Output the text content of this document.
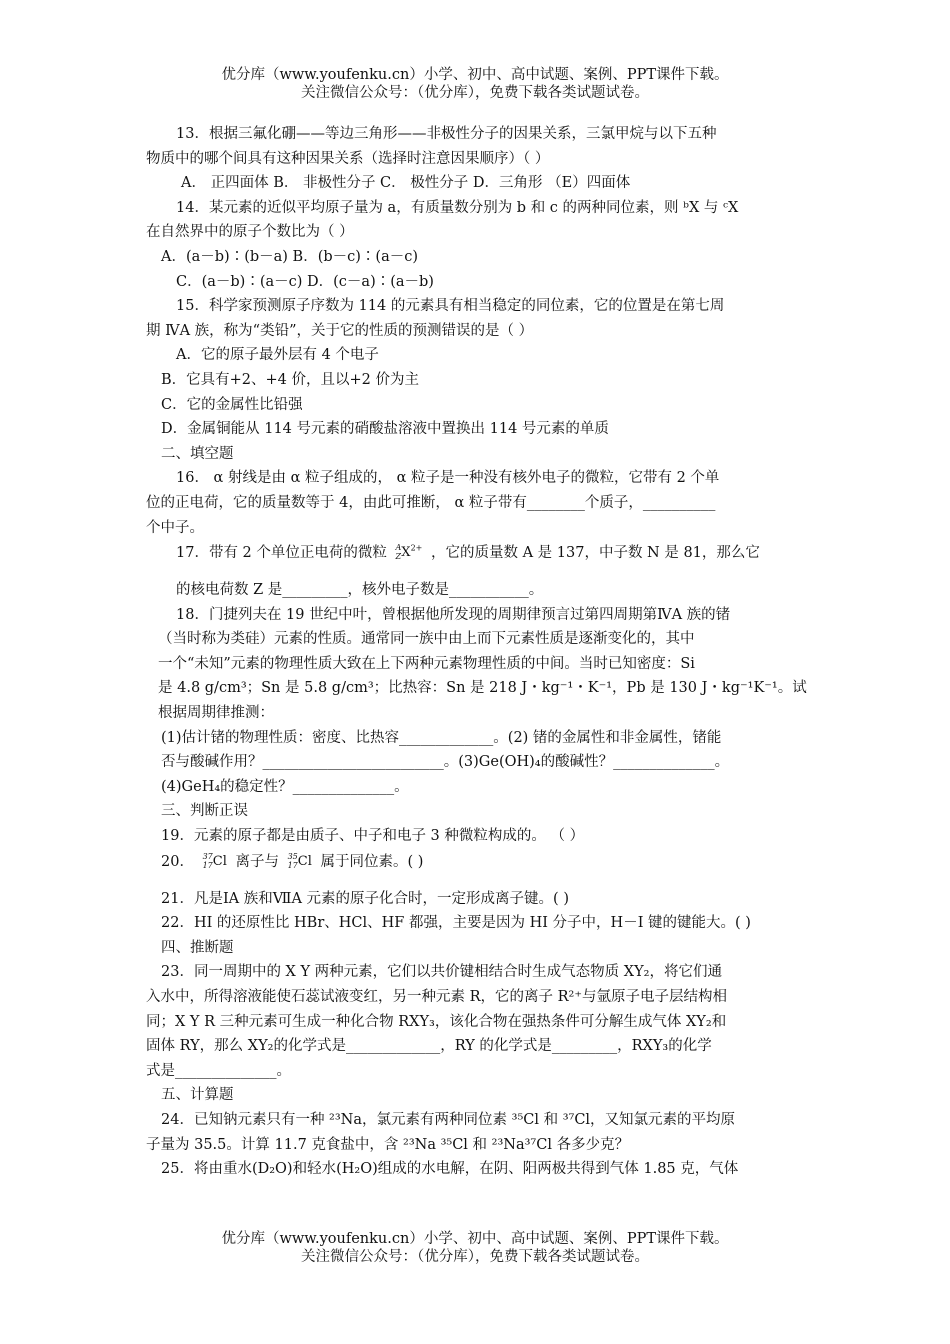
优分库（www.youfenku.cn）小学、初中、高中试题、案例、PPT课件下载。
关注微信公众号：（优分库），免费下载各类试题试卷。
13．根据三氟化硼——等边三角形——非极性分子的因果关系，三氯甲烷与以下五种
物质中的哪个间具有这种因果关系（选择时注意因果顺序）（ ）
A． 正四面体 B． 非极性分子 C． 极性分子 D．三角形 （E）四面体
14．某元素的近似平均原子量为 a，有质量数分别为 b 和 c 的两种同位素，则 ᵇX 与 ᶜX
在自然界中的原子个数比为（ ）
A．(a－b)∶(b－a) B．(b－c)∶(a－c)
C．(a－b)∶(a－c) D．(c－a)∶(a－b)
15．科学家预测原子序数为 114 的元素具有相当稳定的同位素，它的位置是在第七周
期 ⅣA 族，称为“类铅”，关于它的性质的预测错误的是（ ）
A．它的原子最外层有 4 个电子
B．它具有+2、+4 价，且以+2 价为主
C．它的金属性比铅强
D．金属铜能从 114 号元素的硝酸盐溶液中置换出 114 号元素的单质
二、填空题
16． α 射线是由 α 粒子组成的， α 粒子是一种没有核外电子的微粒，它带有 2 个单
位的正电荷，它的质量数等于 4，由此可推断， α 粒子带有________个质子，__________
个中子。
17．带有 2 个单位正电荷的微粒 A
Z $X^{2+}$ ，它的质量数 A 是 137，中子数 N 是 81，那么它
的核电荷数 Z 是_________，核外电子数是___________。
18．门捷列夫在 19 世纪中叶，曾根据他所发现的周期律预言过第四周期第ⅣA 族的锗
（当时称为类硅）元素的性质。通常同一族中由上而下元素性质是逐渐变化的，其中
一个“未知”元素的物理性质大致在上下两种元素物理性质的中间。当时已知密度：Si
是 4.8 g/cm³；Sn 是 5.8 g/cm³；比热容：Sn 是 218 J・kg⁻¹・K⁻¹，Pb 是 130 J・kg⁻¹K⁻¹。试
根据周期律推测：
(1)估计锗的物理性质：密度、比热容_____________。(2) 锗的金属性和非金属性，锗能
否与酸碱作用？_________________________。(3)Ge(OH)₄的酸碱性？______________。
(4)GeH₄的稳定性？______________。
三、判断正误
19．元素的原子都是由质子、中子和电子 3 种微粒构成的。 （ ）
20． 37
17 Cl 离子与 35
17 Cl 属于同位素。( )
21．凡是ⅠA 族和ⅦA 元素的原子化合时，一定形成离子键。( )
22．HI 的还原性比 HBr、HCl、HF 都强，主要是因为 HI 分子中，H－I 键的键能大。( )
四、推断题
23．同一周期中的 X Y 两种元素，它们以共价键相结合时生成气态物质 XY₂，将它们通
入水中，所得溶液能使石蕊试液变红，另一种元素 R，它的离子 R²⁺与氩原子电子层结构相
同；X Y R 三种元素可生成一种化合物 RXY₃，该化合物在强热条件可分解生成气体 XY₂和
固体 RY，那么 XY₂的化学式是_____________，RY 的化学式是_________，RXY₃的化学
式是______________。
五、计算题
24．已知钠元素只有一种 ²³Na，氯元素有两种同位素 ³⁵Cl 和 ³⁷Cl，又知氯元素的平均原
子量为 35.5。计算 11.7 克食盐中，含 ²³Na ³⁵Cl 和 ²³Na³⁷Cl 各多少克？
25．将由重水(D₂O)和轻水(H₂O)组成的水电解，在阴、阳两极共得到气体 1.85 克，气体
优分库（www.youfenku.cn）小学、初中、高中试题、案例、PPT课件下载。
关注微信公众号：（优分库），免费下载各类试题试卷。
